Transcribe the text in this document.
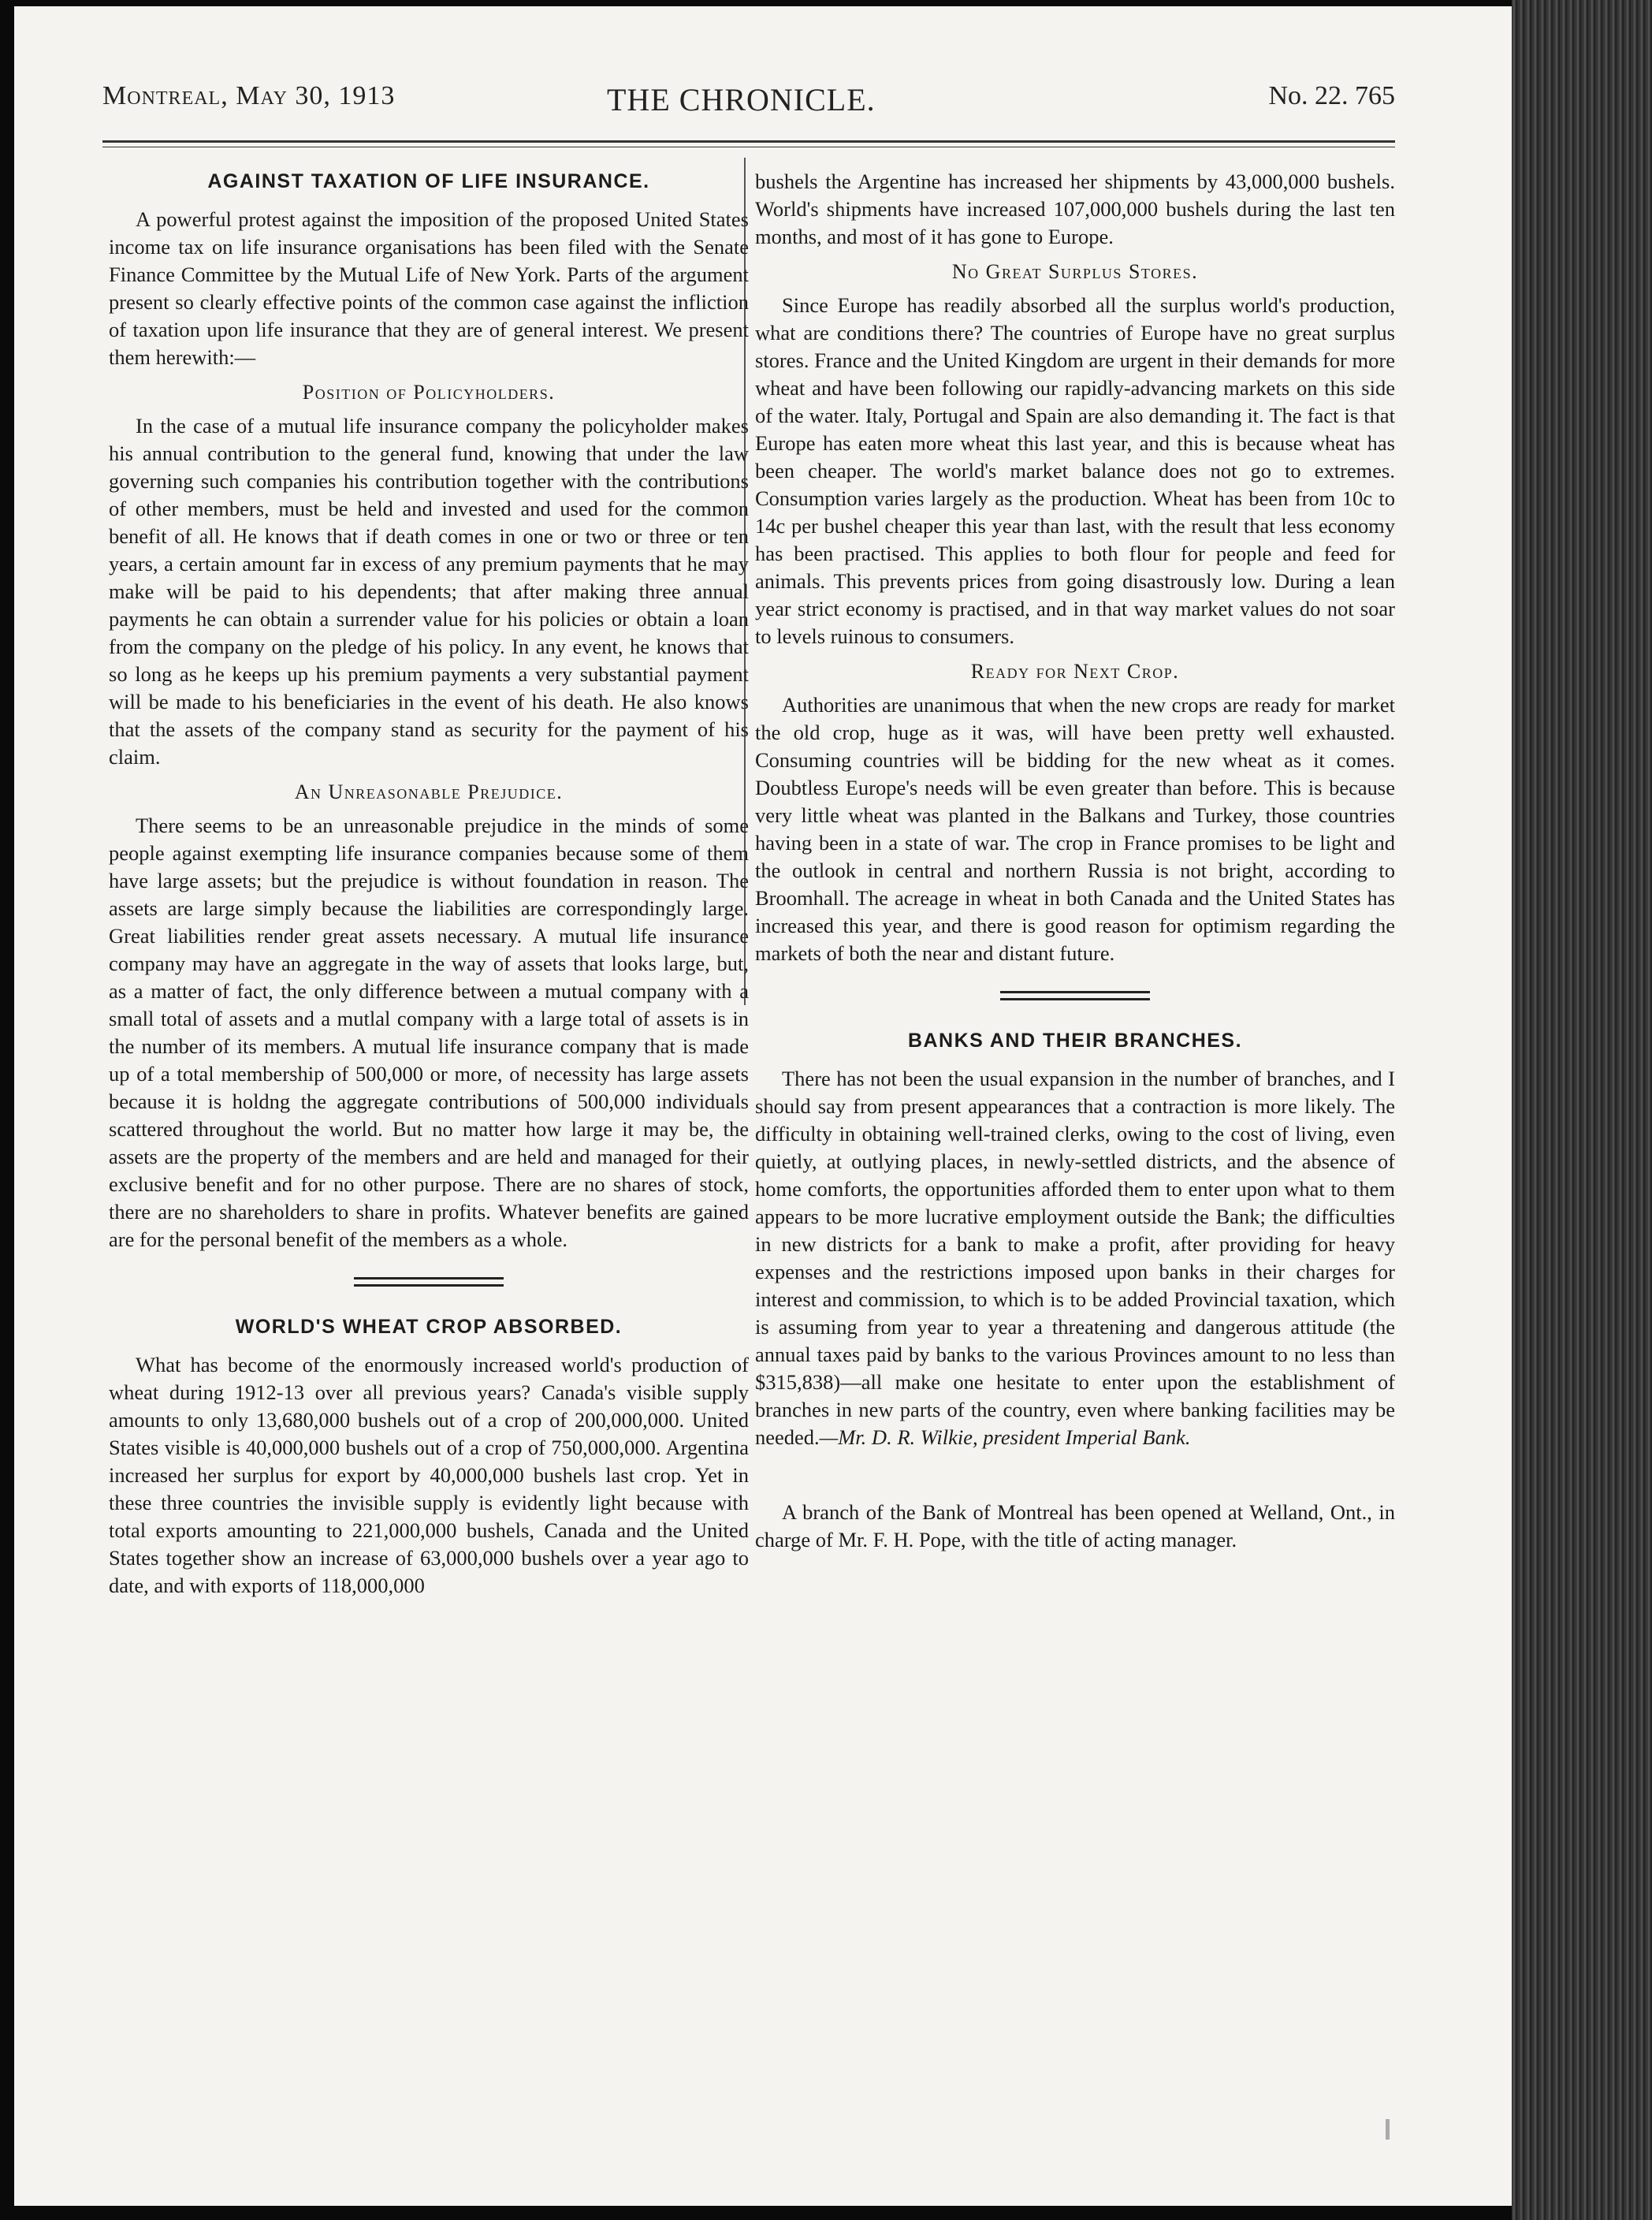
Montreal, May 30, 1913	THE CHRONICLE.	No. 22. 765
AGAINST TAXATION OF LIFE INSURANCE.

A powerful protest against the imposition of the proposed United States income tax on life insurance organisations has been filed with the Senate Finance Committee by the Mutual Life of New York. Parts of the argument present so clearly effective points of the common case against the infliction of taxation upon life insurance that they are of general interest. We present them herewith:—

Position of Policyholders.

In the case of a mutual life insurance company the policyholder makes his annual contribution to the general fund, knowing that under the law governing such companies his contribution together with the contributions of other members, must be held and invested and used for the common benefit of all. He knows that if death comes in one or two or three or ten years, a certain amount far in excess of any premium payments that he may make will be paid to his dependents; that after making three annual payments he can obtain a surrender value for his policies or obtain a loan from the company on the pledge of his policy. In any event, he knows that so long as he keeps up his premium payments a very substantial payment will be made to his beneficiaries in the event of his death. He also knows that the assets of the company stand as security for the payment of his claim.

An Unreasonable Prejudice.

There seems to be an unreasonable prejudice in the minds of some people against exempting life insurance companies because some of them have large assets; but the prejudice is without foundation in reason. The assets are large simply because the liabilities are correspondingly large. Great liabilities render great assets necessary. A mutual life insurance company may have an aggregate in the way of assets that looks large, but, as a matter of fact, the only difference between a mutual company with a small total of assets and a mutlal company with a large total of assets is in the number of its members. A mutual life insurance company that is made up of a total membership of 500,000 or more, of necessity has large assets because it is holdng the aggregate contributions of 500,000 individuals scattered throughout the world. But no matter how large it may be, the assets are the property of the members and are held and managed for their exclusive benefit and for no other purpose. There are no shares of stock, there are no shareholders to share in profits. Whatever benefits are gained are for the personal benefit of the members as a whole.

WORLD'S WHEAT CROP ABSORBED.

What has become of the enormously increased world's production of wheat during 1912-13 over all previous years? Canada's visible supply amounts to only 13,680,000 bushels out of a crop of 200,000,000. United States visible is 40,000,000 bushels out of a crop of 750,000,000. Argentina increased her surplus for export by 40,000,000 bushels last crop. Yet in these three countries the invisible supply is evidently light because with total exports amounting to 221,000,000 bushels, Canada and the United States together show an increase of 63,000,000 bushels over a year ago to date, and with exports of 118,000,000

bushels the Argentine has increased her shipments by 43,000,000 bushels. World's shipments have increased 107,000,000 bushels during the last ten months, and most of it has gone to Europe.

No Great Surplus Stores.

Since Europe has readily absorbed all the surplus world's production, what are conditions there? The countries of Europe have no great surplus stores. France and the United Kingdom are urgent in their demands for more wheat and have been following our rapidly-advancing markets on this side of the water. Italy, Portugal and Spain are also demanding it. The fact is that Europe has eaten more wheat this last year, and this is because wheat has been cheaper. The world's market balance does not go to extremes. Consumption varies largely as the production. Wheat has been from 10c to 14c per bushel cheaper this year than last, with the result that less economy has been practised. This applies to both flour for people and feed for animals. This prevents prices from going disastrously low. During a lean year strict economy is practised, and in that way market values do not soar to levels ruinous to consumers.

Ready for Next Crop.

Authorities are unanimous that when the new crops are ready for market the old crop, huge as it was, will have been pretty well exhausted. Consuming countries will be bidding for the new wheat as it comes. Doubtless Europe's needs will be even greater than before. This is because very little wheat was planted in the Balkans and Turkey, those countries having been in a state of war. The crop in France promises to be light and the outlook in central and northern Russia is not bright, according to Broomhall. The acreage in wheat in both Canada and the United States has increased this year, and there is good reason for optimism regarding the markets of both the near and distant future.

BANKS AND THEIR BRANCHES.

There has not been the usual expansion in the number of branches, and I should say from present appearances that a contraction is more likely. The difficulty in obtaining well-trained clerks, owing to the cost of living, even quietly, at outlying places, in newly-settled districts, and the absence of home comforts, the opportunities afforded them to enter upon what to them appears to be more lucrative employment outside the Bank; the difficulties in new districts for a bank to make a profit, after providing for heavy expenses and the restrictions imposed upon banks in their charges for interest and commission, to which is to be added Provincial taxation, which is assuming from year to year a threatening and dangerous attitude (the annual taxes paid by banks to the various Provinces amount to no less than $315,838)—all make one hesitate to enter upon the establishment of branches in new parts of the country, even where banking facilities may be needed.—Mr. D. R. Wilkie, president Imperial Bank.

A branch of the Bank of Montreal has been opened at Welland, Ont., in charge of Mr. F. H. Pope, with the title of acting manager.
